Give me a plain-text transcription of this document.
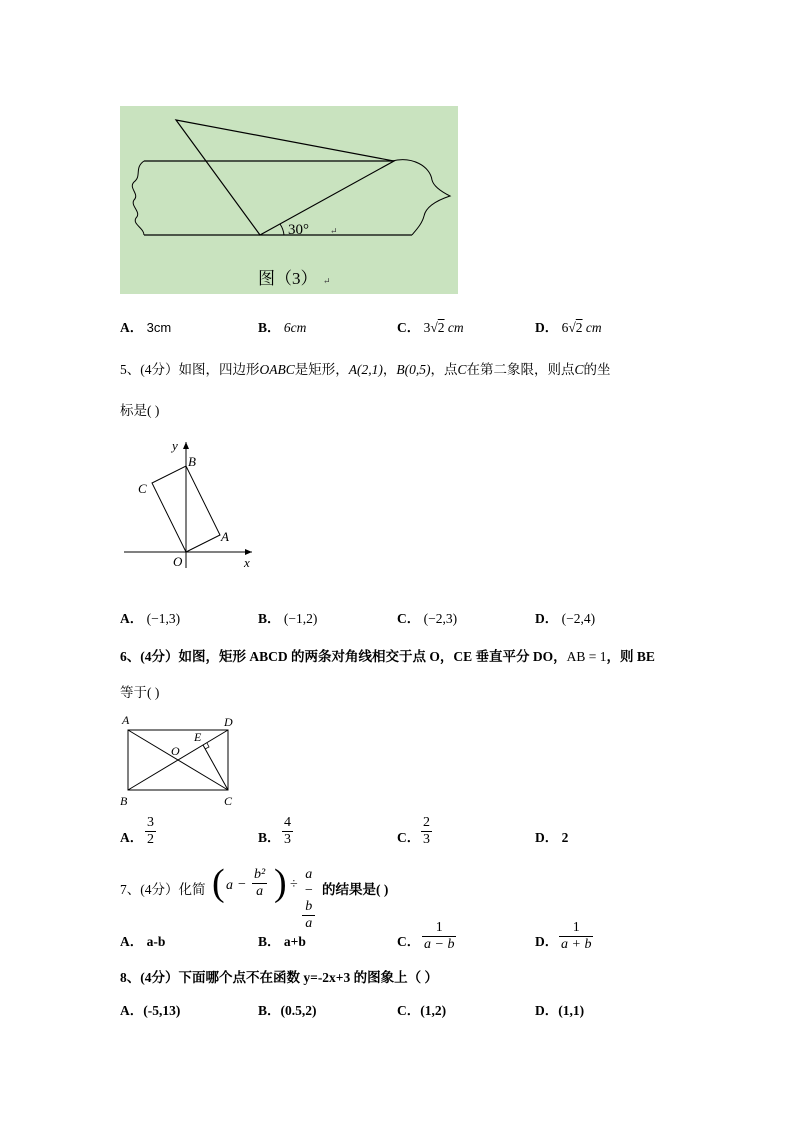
30° ↵
图（3） ↵
A． 3cm	B． 6cm	C． 3√2 cm	D． 6√2 cm
5、(4分）如图，四边形OABC是矩形，A(2,1)，B(0,5)，点C在第二象限，则点C的坐
标是( )
y
x
B
C
A
O
A． (−1,3)	B． (−1,2)	C． (−2,3)	D． (−2,4)
6、(4分）如图，矩形 ABCD 的两条对角线相交于点 O，CE 垂直平分 DO，AB = 1，则 BE
等于( )
A	D
B	C
O
E
A． $\frac{3}{2}$	B． $\frac{4}{3}$	C． $\frac{2}{3}$	D． 2
7、(4分）化简 ( $a - \frac{\text{b²}}{a}$ ) ÷ $\frac{a - b}{a}$ 的结果是( )
A． a-b	B． a+b	C． $\frac{1}{a - b}$	D． $\frac{1}{a + b}$
8、(4分）下面哪个点不在函数 y=-2x+3 的图象上（ ）
A．(-5,13)	B．(0.5,2)	C．(1,2)	D．(1,1)
